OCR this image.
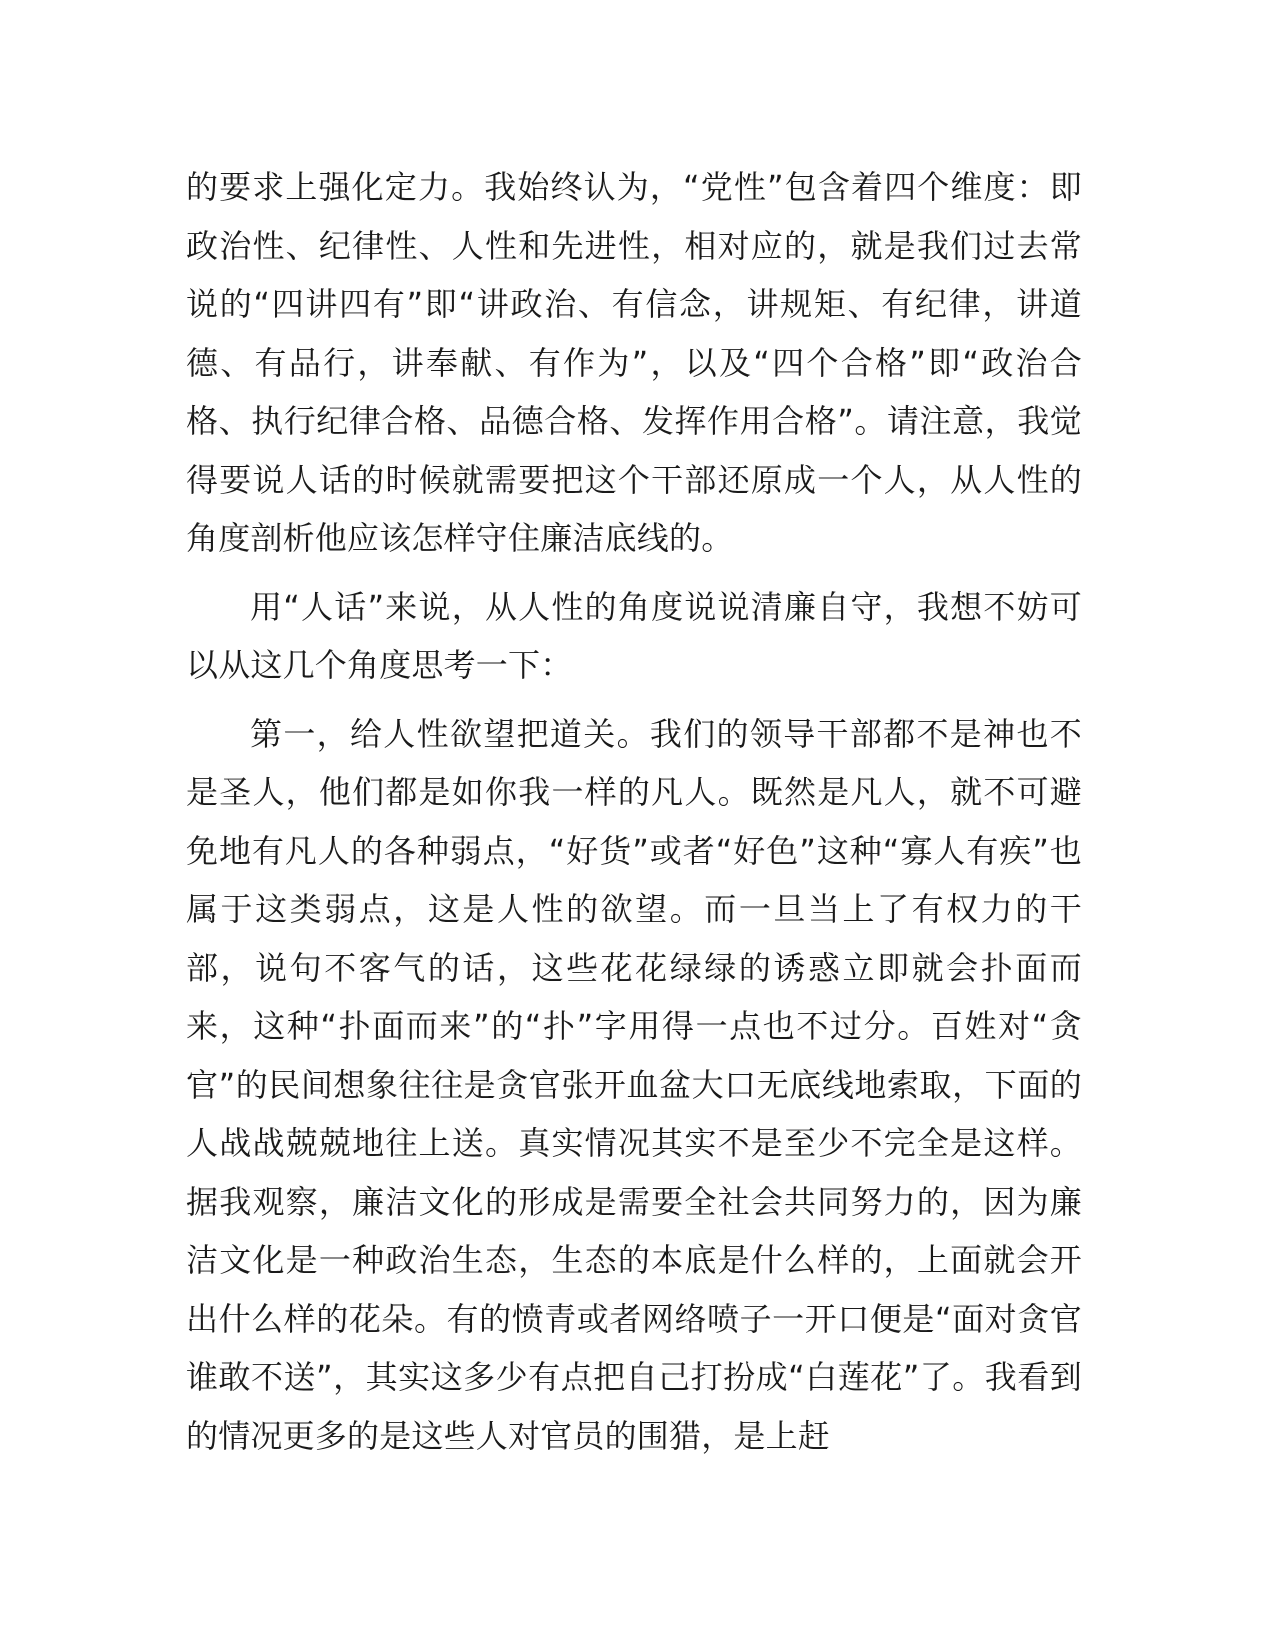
的要求上强化定力。我始终认为，“党性”包含着四个维度：即政治性、纪律性、人性和先进性，相对应的，就是我们过去常说的“四讲四有”即“讲政治、有信念，讲规矩、有纪律，讲道德、有品行，讲奉献、有作为”，以及“四个合格”即“政治合格、执行纪律合格、品德合格、发挥作用合格”。请注意，我觉得要说人话的时候就需要把这个干部还原成一个人，从人性的角度剖析他应该怎样守住廉洁底线的。

用“人话”来说，从人性的角度说说清廉自守，我想不妨可以从这几个角度思考一下：

第一，给人性欲望把道关。我们的领导干部都不是神也不是圣人，他们都是如你我一样的凡人。既然是凡人，就不可避免地有凡人的各种弱点，“好货”或者“好色”这种“寡人有疾”也属于这类弱点，这是人性的欲望。而一旦当上了有权力的干部，说句不客气的话，这些花花绿绿的诱惑立即就会扑面而来，这种“扑面而来”的“扑”字用得一点也不过分。百姓对“贪官”的民间想象往往是贪官张开血盆大口无底线地索取，下面的人战战兢兢地往上送。真实情况其实不是至少不完全是这样。据我观察，廉洁文化的形成是需要全社会共同努力的，因为廉洁文化是一种政治生态，生态的本底是什么样的，上面就会开出什么样的花朵。有的愤青或者网络喷子一开口便是“面对贪官谁敢不送”，其实这多少有点把自己打扮成“白莲花”了。我看到的情况更多的是这些人对官员的围猎，是上赶
